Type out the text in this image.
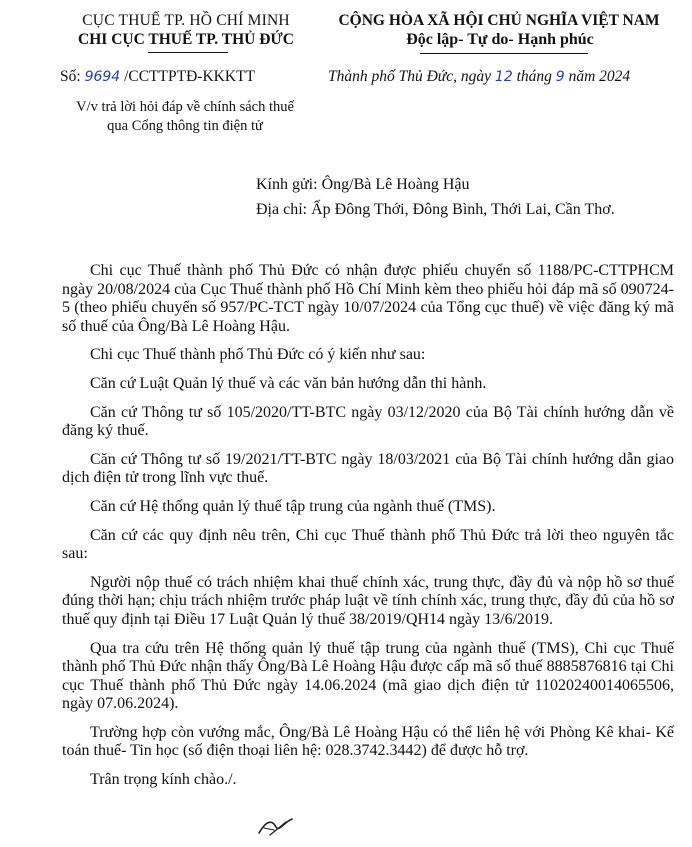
CỤC THUẾ TP. HỒ CHÍ MINH
CHI CỤC THUẾ TP. THỦ ĐỨC
CỘNG HÒA XÃ HỘI CHỦ NGHĨA VIỆT NAM
Độc lập- Tự do- Hạnh phúc
Số: 9694 /CCTTPTĐ-KKKTT	Thành phố Thủ Đức, ngày 12 tháng 9 năm 2024
V/v trả lời hỏi đáp về chính sách thuế
qua Cổng thông tin điện tử
Kính gửi: Ông/Bà Lê Hoàng Hậu
Địa chỉ: Ấp Đông Thới, Đông Bình, Thới Lai, Cần Thơ.

Chi cục Thuế thành phố Thủ Đức có nhận được phiếu chuyển số 1188/PC-CTTPHCM ngày 20/08/2024 của Cục Thuế thành phố Hồ Chí Minh kèm theo phiếu hỏi đáp mã số 090724-5 (theo phiếu chuyển số 957/PC-TCT ngày 10/07/2024 của Tổng cục thuế) về việc đăng ký mã số thuế của Ông/Bà Lê Hoàng Hậu.

Chi cục Thuế thành phố Thủ Đức có ý kiến như sau:

Căn cứ Luật Quản lý thuế và các văn bản hướng dẫn thi hành.

Căn cứ Thông tư số 105/2020/TT-BTC ngày 03/12/2020 của Bộ Tài chính hướng dẫn về đăng ký thuế.

Căn cứ Thông tư số 19/2021/TT-BTC ngày 18/03/2021 của Bộ Tài chính hướng dẫn giao dịch điện tử trong lĩnh vực thuế.

Căn cứ Hệ thống quản lý thuế tập trung của ngành thuế (TMS).

Căn cứ các quy định nêu trên, Chi cục Thuế thành phố Thủ Đức trả lời theo nguyên tắc sau:

Người nộp thuế có trách nhiệm khai thuế chính xác, trung thực, đầy đủ và nộp hồ sơ thuế đúng thời hạn; chịu trách nhiệm trước pháp luật về tính chính xác, trung thực, đầy đủ của hồ sơ thuế quy định tại Điều 17 Luật Quản lý thuế 38/2019/QH14 ngày 13/6/2019.

Qua tra cứu trên Hệ thống quản lý thuế tập trung của ngành thuế (TMS), Chi cục Thuế thành phố Thủ Đức nhận thấy Ông/Bà Lê Hoàng Hậu được cấp mã số thuế 8885876816 tại Chi cục Thuế thành phố Thủ Đức ngày 14.06.2024 (mã giao dịch điện tử 11020240014065506, ngày 07.06.2024).

Trường hợp còn vướng mắc, Ông/Bà Lê Hoàng Hậu có thể liên hệ với Phòng Kê khai- Kế toán thuế- Tin học (số điện thoại liên hệ: 028.3742.3442) để được hỗ trợ.

Trân trọng kính chào./.
